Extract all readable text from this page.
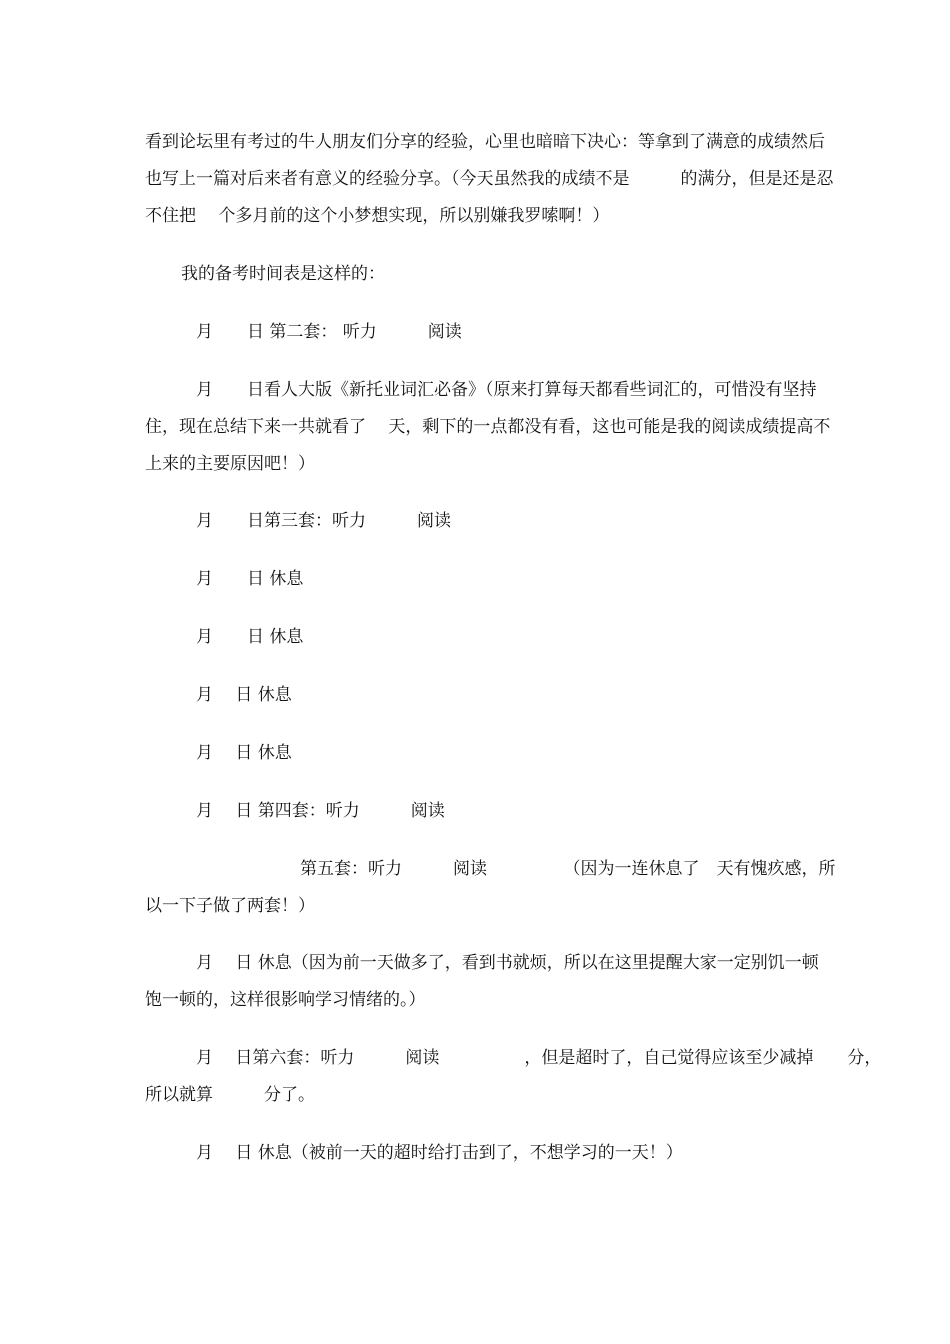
看到论坛里有考过的牛人朋友们分享的经验，心里也暗暗下决心：等拿到了满意的成绩然后

也写上一篇对后来者有意义的经验分享。（今天虽然我的成绩不是　　　的满分，但是还是忍

不住把　 个多月前的这个小梦想实现，所以别嫌我罗嗦啊！）

我的备考时间表是这样的：

月　　日 第二套： 听力　　　阅读

月　　日看人大版《新托业词汇必备》（原来打算每天都看些词汇的，可惜没有坚持

住，现在总结下来一共就看了　 天，剩下的一点都没有看，这也可能是我的阅读成绩提高不

上来的主要原因吧！）

月　　日第三套：听力　　　阅读

月　　日 休息

月　　日 休息

月　 日 休息

月　 日 休息

月　 日 第四套：听力　　　阅读

第五套：听力　　　阅读　　　　　（因为一连休息了　天有愧疚感，所

以一下子做了两套！）

月　 日 休息（因为前一天做多了，看到书就烦，所以在这里提醒大家一定别饥一顿

饱一顿的，这样很影响学习情绪的。）

月　 日第六套：听力　　　阅读　　　　　，但是超时了，自己觉得应该至少减掉　　分，

所以就算　　　分了。

月　 日 休息（被前一天的超时给打击到了，不想学习的一天！）
